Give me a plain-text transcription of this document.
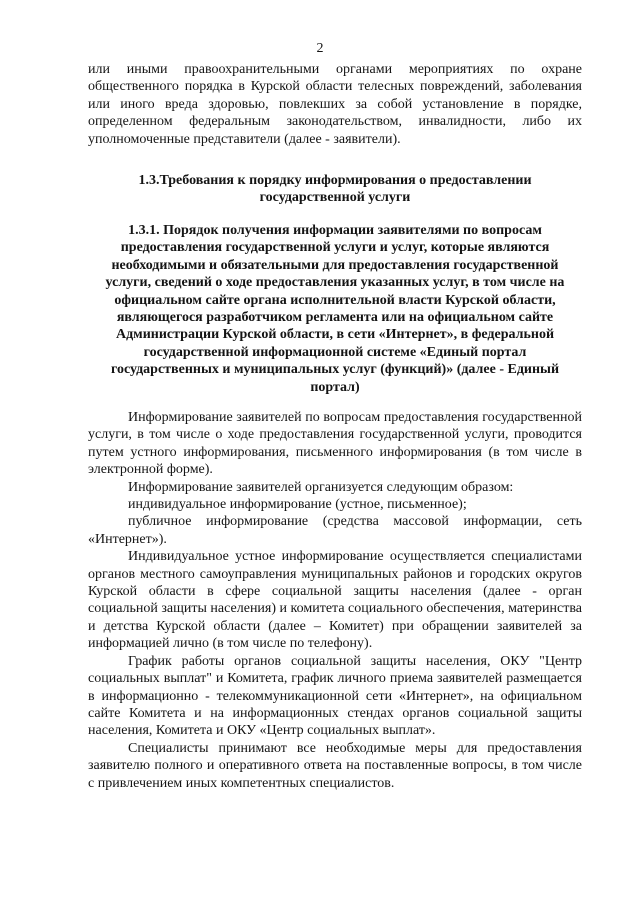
2

или иными правоохранительными органами мероприятиях по охране общественного порядка в Курской области телесных повреждений, заболевания или иного вреда здоровью, повлекших за собой установление в порядке, определенном федеральным законодательством, инвалидности, либо их уполномоченные представители (далее - заявители).

1.3.Требования к порядку информирования о предоставлении государственной услуги
1.3.1. Порядок получения информации заявителями по вопросам предоставления государственной услуги и услуг, которые являются необходимыми и обязательными для предоставления государственной услуги, сведений о ходе предоставления указанных услуг, в том числе на официальном сайте органа исполнительной власти Курской области, являющегося разработчиком регламента или на официальном сайте Администрации Курской области, в сети «Интернет», в федеральной государственной информационной системе «Единый портал государственных и муниципальных услуг (функций)» (далее - Единый портал)

Информирование заявителей по вопросам предоставления государственной услуги, в том числе о ходе предоставления государственной услуги, проводится путем устного информирования, письменного информирования (в том числе в электронной форме).

Информирование заявителей организуется следующим образом:

индивидуальное информирование (устное, письменное);

публичное информирование (средства массовой информации, сеть «Интернет»).

Индивидуальное устное информирование осуществляется специалистами органов местного самоуправления муниципальных районов и городских округов Курской области в сфере социальной защиты населения (далее - орган социальной защиты населения) и комитета социального обеспечения, материнства и детства Курской области (далее – Комитет) при обращении заявителей за информацией лично (в том числе по телефону).

График работы органов социальной защиты населения, ОКУ "Центр социальных выплат" и Комитета, график личного приема заявителей размещается в информационно - телекоммуникационной сети «Интернет», на официальном сайте Комитета и на информационных стендах органов социальной защиты населения, Комитета и ОКУ «Центр социальных выплат».

Специалисты принимают все необходимые меры для предоставления заявителю полного и оперативного ответа на поставленные вопросы, в том числе с привлечением иных компетентных специалистов.
